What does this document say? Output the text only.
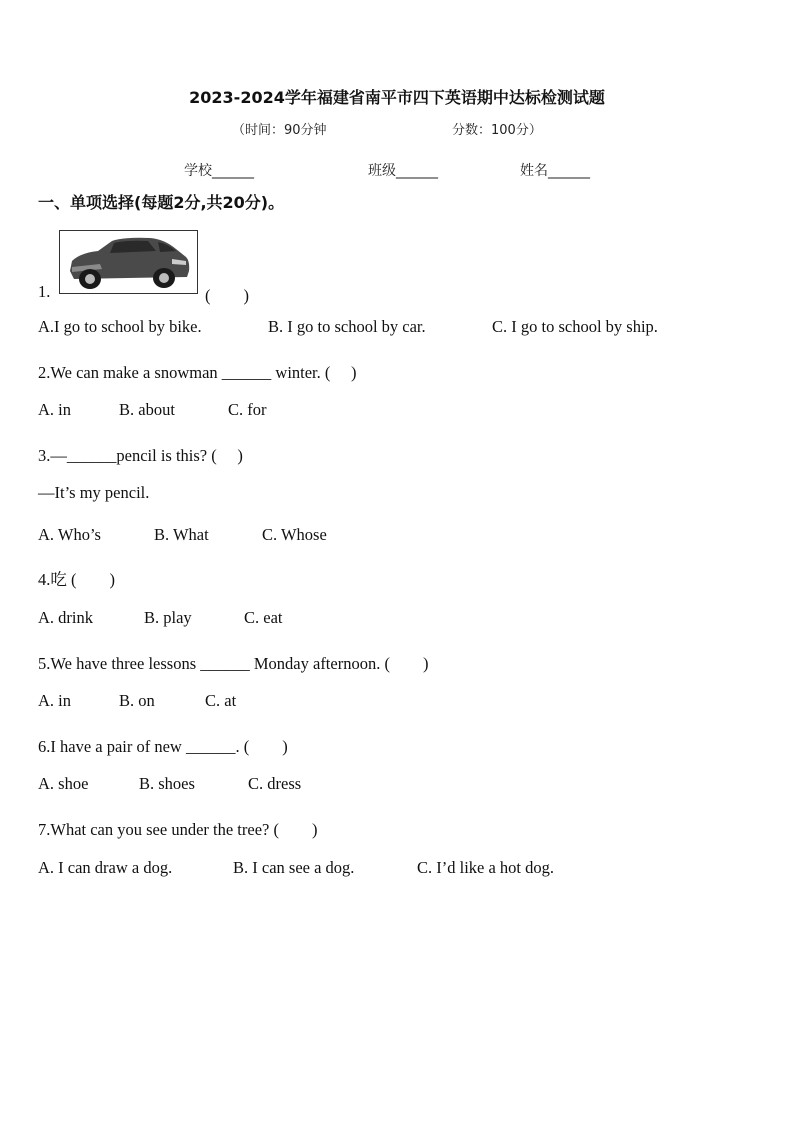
2023-2024学年福建省南平市四下英语期中达标检测试题
（时间：90分钟	分数：100分）
学校______	班级______	姓名______
一、单项选择(每题2分,共20分)。
1.	(　　)
A.I go to school by bike.	B. I go to school by car.	C. I go to school by ship.
2.We can make a snowman ______ winter. (　 )
A. in	B. about	C. for
3.—______pencil is this? (　 )
—It’s my pencil.
A. Who’s	B. What	C. Whose
4.吃 (　　)
A. drink	B. play	C. eat
5.We have three lessons ______ Monday afternoon. (　　)
A. in	B. on	C. at
6.I have a pair of new ______. (　　)
A. shoe	B. shoes	C. dress
7.What can you see under the tree? (　　)
A. I can draw a dog.	B. I can see a dog.	C. I’d like a hot dog.
